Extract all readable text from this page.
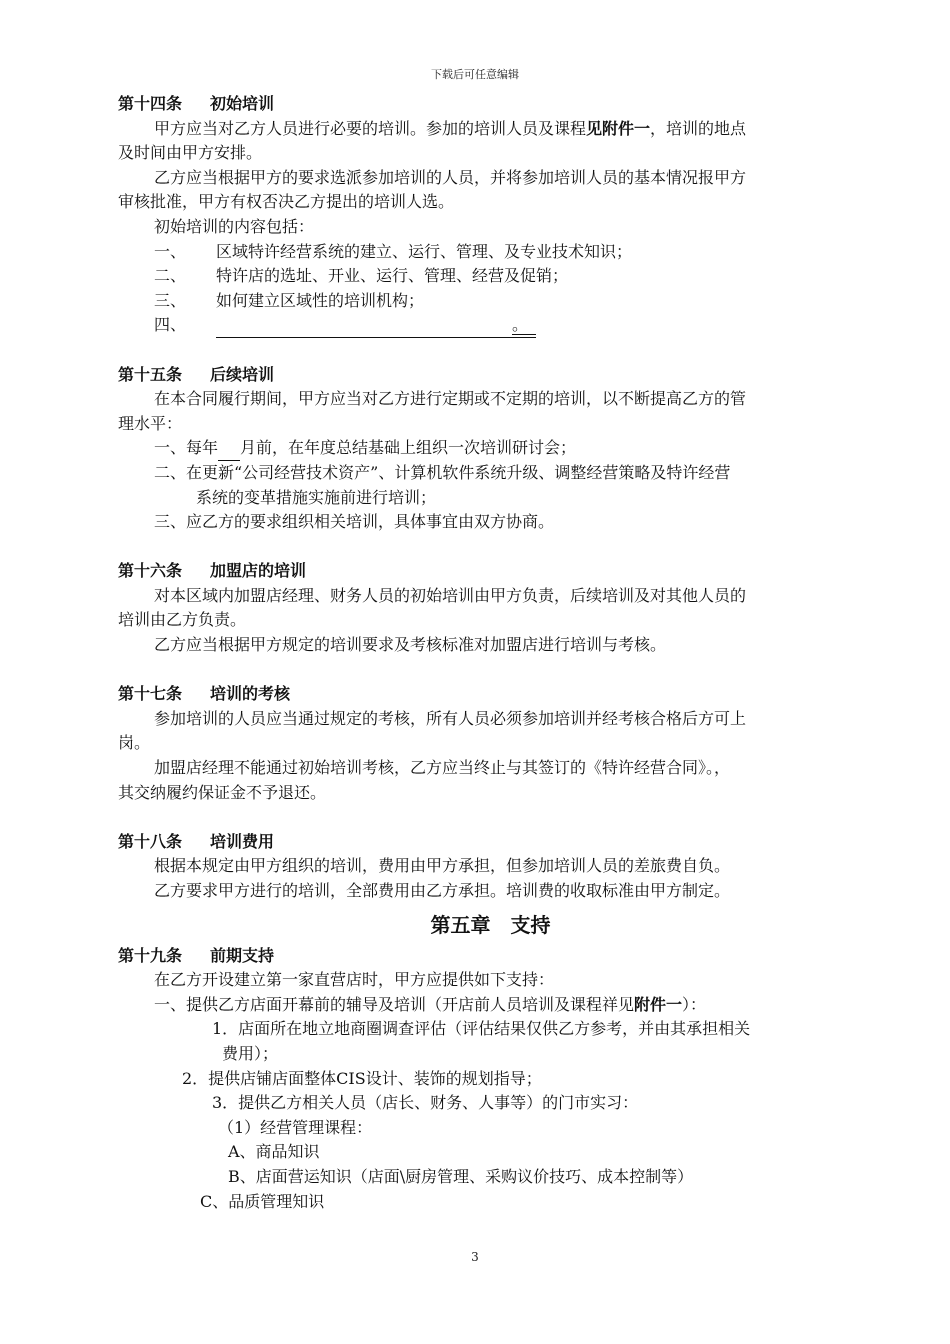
下载后可任意编辑
第十四条 初始培训
甲方应当对乙方人员进行必要的培训。参加的培训人员及课程见附件一，培训的地点
及时间由甲方安排。
乙方应当根据甲方的要求选派参加培训的人员，并将参加培训人员的基本情况报甲方
审核批准，甲方有权否决乙方提出的培训人选。
初始培训的内容包括：
一、 区域特许经营系统的建立、运行、管理、及专业技术知识；
二、 特许店的选址、开业、运行、管理、经营及促销；
三、 如何建立区域性的培训机构；
四、	。
第十五条 后续培训
在本合同履行期间，甲方应当对乙方进行定期或不定期的培训，以不断提高乙方的管
理水平：
一、每年 月前，在年度总结基础上组织一次培训研讨会；
二、在更新“公司经营技术资产”、计算机软件系统升级、调整经营策略及特许经营
系统的变革措施实施前进行培训；
三、应乙方的要求组织相关培训，具体事宜由双方协商。
第十六条 加盟店的培训
对本区域内加盟店经理、财务人员的初始培训由甲方负责，后续培训及对其他人员的
培训由乙方负责。
乙方应当根据甲方规定的培训要求及考核标准对加盟店进行培训与考核。
第十七条 培训的考核
参加培训的人员应当通过规定的考核，所有人员必须参加培训并经考核合格后方可上
岗。
加盟店经理不能通过初始培训考核，乙方应当终止与其签订的《特许经营合同》。，
其交纳履约保证金不予退还。
第十八条 培训费用
根据本规定由甲方组织的培训，费用由甲方承担，但参加培训人员的差旅费自负。
乙方要求甲方进行的培训，全部费用由乙方承担。培训费的收取标准由甲方制定。
第五章　支持
第十九条 前期支持
在乙方开设建立第一家直营店时，甲方应提供如下支持：
一、提供乙方店面开幕前的辅导及培训（开店前人员培训及课程祥见附件一）：
1．店面所在地立地商圈调查评估（评估结果仅供乙方参考，并由其承担相关
费用）；
2．提供店铺店面整体CIS设计、装饰的规划指导；
3．提供乙方相关人员（店长、财务、人事等）的门市实习：
（1）经营管理课程：
A、商品知识
B、店面营运知识（店面\厨房管理、采购议价技巧、成本控制等）
C、品质管理知识
3
